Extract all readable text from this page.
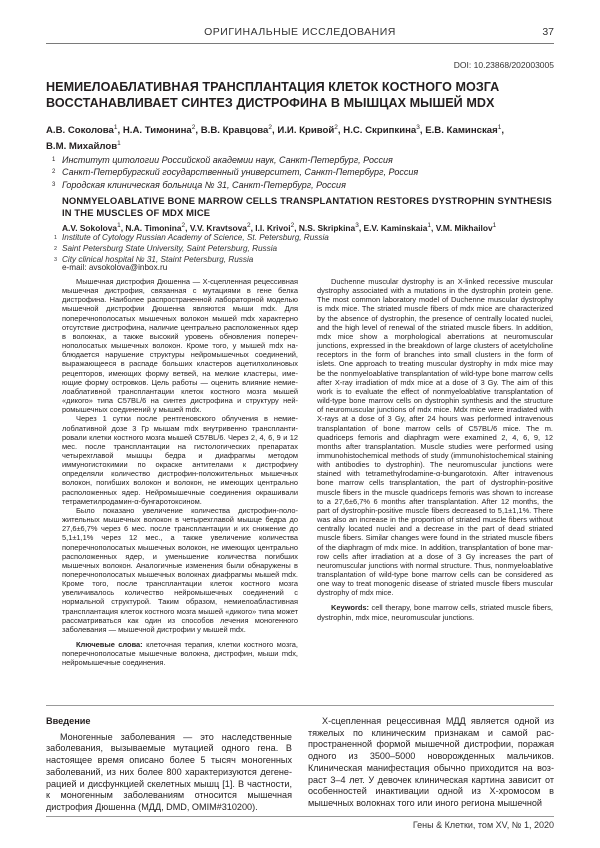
ОРИГИНАЛЬНЫЕ ИССЛЕДОВАНИЯ	37
DOI: 10.23868/202003005
НЕМИЕЛОАБЛАТИВНАЯ ТРАНСПЛАНТАЦИЯ КЛЕТОК КОСТНОГО МОЗГА ВОССТАНАВЛИВАЕТ СИНТЕЗ ДИСТРОФИНА В МЫШЦАХ МЫШЕЙ MDX
А.В. Соколова$^1$, Н.А. Тимонина$^2$, В.В. Кравцова$^2$, И.И. Кривой$^2$, Н.С. Скрипкина$^3$, Е.В. Каминская$^1$,
В.М. Михайлов$^1$
1 Институт цитологии Российской академии наук, Санкт-Петербург, Россия
2 Санкт-Петербургский государственный университет, Санкт-Петербург, Россия
3 Городская клиническая больница № 31, Санкт-Петербург, Россия
NONMYELOABLATIVE BONE MARROW CELLS TRANSPLANTATION RESTORES DYSTROPHIN SYNTHESIS IN THE MUSCLES OF MDX MICE
A.V. Sokolova$^1$, N.A. Timonina$^2$, V.V. Kravtsova$^2$, I.I. Krivoi$^2$, N.S. Skripkina$^3$, E.V. Kaminskaia$^1$, V.M. Mikhailov$^1$
1 Institute of Cytology Russian Academy of Science, St. Petersburg, Russia
2 Saint Petersburg State University, Saint Petersburg, Russia
3 City clinical hospital № 31, Staint Petersburg, Russia
e-mail: avsokolova@inbox.ru

Мышечная дистрофия Дюшенна — Х-сцепленная рецессивная мышечная дистрофия, связанная с мутациями в гене белка дистрофина. Наиболее распространенной лабораторной моделью мышечной дистрофии Дюшенна являются мыши mdx. Для поперечнополосатых мышечных волокон мышей mdx характерно отсутствие дистрофина, наличие центрально расположенных ядер в волокнах, а также высокий уровень обновления поперечнополосатых мышечных волокон. Кроме того, у мышей mdx наблюдается нарушение структуры нейромышечных соединений, выражающееся в распаде больших кластеров ацетилхолиновых рецепторов, имеющих форму ветвей, на мелкие кластеры, имеющие форму островков. Цель работы — оценить влияние немиелоаблативной трансплантации клеток костного мозга мышей «дикого» типа C57BL/6 на синтез дистрофина и структуру нейромышечных соединений у мышей mdx.

Через 1 сутки после рентгеновского облучения в немиелоблативной дозе 3 Гр мышам mdx внутривенно трансплантировали клетки костного мозга мышей C57BL/6. Через 2, 4, 6, 9 и 12 мес. после трансплантации на гистологических препаратах четырехглавой мышцы бедра и диафрагмы методом иммуногистохимии по окраске антителами к дистрофину определяли количество дистрофин-положительных мышечных волокон, погибших волокон и волокон, не имеющих центрально расположенных ядер. Нейромышечные соединения окрашивали тетраметилродамин-α-бунгаротоксином.

Было показано увеличение количества дистрофин-положительных мышечных волокон в четырехглавой мышце бедра до 27,6±6,7% через 6 мес. после трансплантации и их снижение до 5,1±1,1% через 12 мес., а также увеличение количества поперечнополосатых мышечных волокон, не имеющих центрально расположенных ядер, и уменьшение количества погибших мышечных волокон. Аналогичные изменения были обнаружены в поперечнополосатых мышечных волокнах диафрагмы мышей mdx. Кроме того, после трансплантации клеток костного мозга увеличивалось количество нейромышечных соединений с нормальной структурой. Таким образом, немиелоабластивная трансплантация клеток костного мозга мышей «дикого» типа может рассматриваться как один из способов лечения моногенного заболевания — мышечной дистрофии у мышей mdx.

Ключевые слова: клеточная терапия, клетки костного мозга, поперечнополосатые мышечные волокна, дистрофин, мыши mdx, нейромышечные соединения.

Duchenne muscular dystrophy is an X-linked recessive muscular dystrophy associated with a mutations in the dystrophin protein gene. The most common laboratory model of Duchenne muscular dystrophy is mdx mice. The striated muscle fibers of mdx mice are characterized by the absence of dystrophin, the presence of centrally located nuclei, and the high level of renewal of the striated muscle fibers. In addition, mdx mice show a morphological aberrations at neuromuscular junctions, expressed in the breakdown of large clusters of acetylcholine receptors in the form of branches into small clusters in the form of islets. One approach to treating muscular dystrophy in mdx mice may be the nonmyeloablative transplantation of wild-type bone marrow cells after X-ray irradiation of mdx mice at a dose of 3 Gy. The aim of this work is to evaluate the effect of nonmyeloablative transplantation of wild-type bone marrow cells on dystrophin synthesis and the structure of neuromuscular junctions of mdx mice. Mdx mice were irradiated with X-rays at a dose of 3 Gy, after 24 hours was performed intravenous transplantation of bone marrow cells of C57BL/6 mice. The m. quadriceps femoris and diaphragm were examined 2, 4, 6, 9, 12 months after transplantation. Muscle studies were performed using immunohistochemical methods of study (immunohistochemical staining with antibodies to dystrophin). The neuromuscular junctions were stained with tetramethylrodamine-α-bungarotoxin. After intravenous bone marrow cells transplantation, the part of dystrophin-positive muscle fibers in the muscle quadriceps femoris was shown to increase to a 27,6±6,7% 6 months after transplantation. After 12 months, the part of dystrophin-positive muscle fibers decreased to 5,1±1,1%. There was also an increase in the proportion of striated muscle fibers without centrally located nuclei and a decrease in the part of dead striated muscle fibers. Similar changes were found in the striated muscle fibers of the diaphragm of mdx mice. In addition, transplantation of bone marrow cells after irradiation at a dose of 3 Gy increases the part of neuromuscular junctions with normal structure. Thus, nonmyeloablative transplantation of wild-type bone marrow cells can be considered as one way to treat monogenic disease of striated muscle fibers muscular dystrophy of mdx mice.

Keywords: cell therapy, bone marrow cells, striated muscle fibers, dystrophin, mdx mice, neuromuscular junctions.

Введение

Моногенные заболевания — это наследственные заболевания, вызываемые мутацией одного гена. В настоящее время описано более 5 тысяч моногенных заболеваний, из них более 800 характеризуются дегенерацией и дисфункцией скелетных мышц [1]. В частности, к моногенным заболеваниям относится мышечная дистрофия Дюшенна (МДД, DMD, OMIM#310200).

Х-сцепленная рецессивная МДД является одной из тяжелых по клиническим признакам и самой распространенной формой мышечной дистрофии, поражая одного из 3500–5000 новорожденных мальчиков. Клиническая манифестация обычно приходится на возраст 3–4 лет. У девочек клиническая картина зависит от особенностей инактивации одной из Х-хромосом в мышечных волокнах того или иного региона мышечной

Гены & Клетки, том XV, № 1, 2020
